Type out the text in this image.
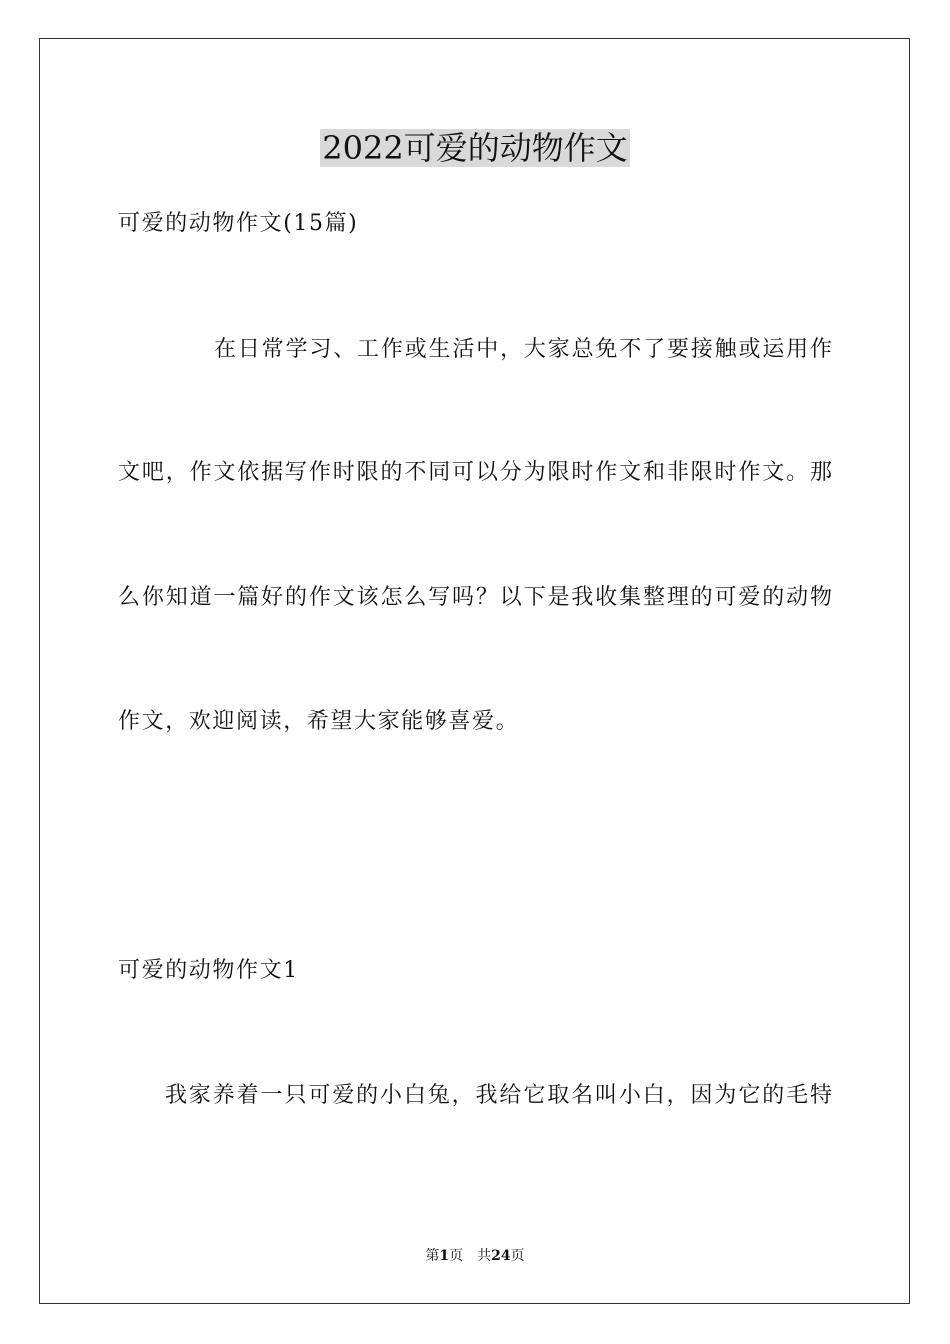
2022可爱的动物作文
可爱的动物作文(15篇)
在日常学习、工作或生活中，大家总免不了要接触或运用作
文吧，作文依据写作时限的不同可以分为限时作文和非限时作文。那
么你知道一篇好的作文该怎么写吗？以下是我收集整理的可爱的动物
作文，欢迎阅读，希望大家能够喜爱。
可爱的动物作文1
我家养着一只可爱的小白兔，我给它取名叫小白，因为它的毛特
第1页 共24页
